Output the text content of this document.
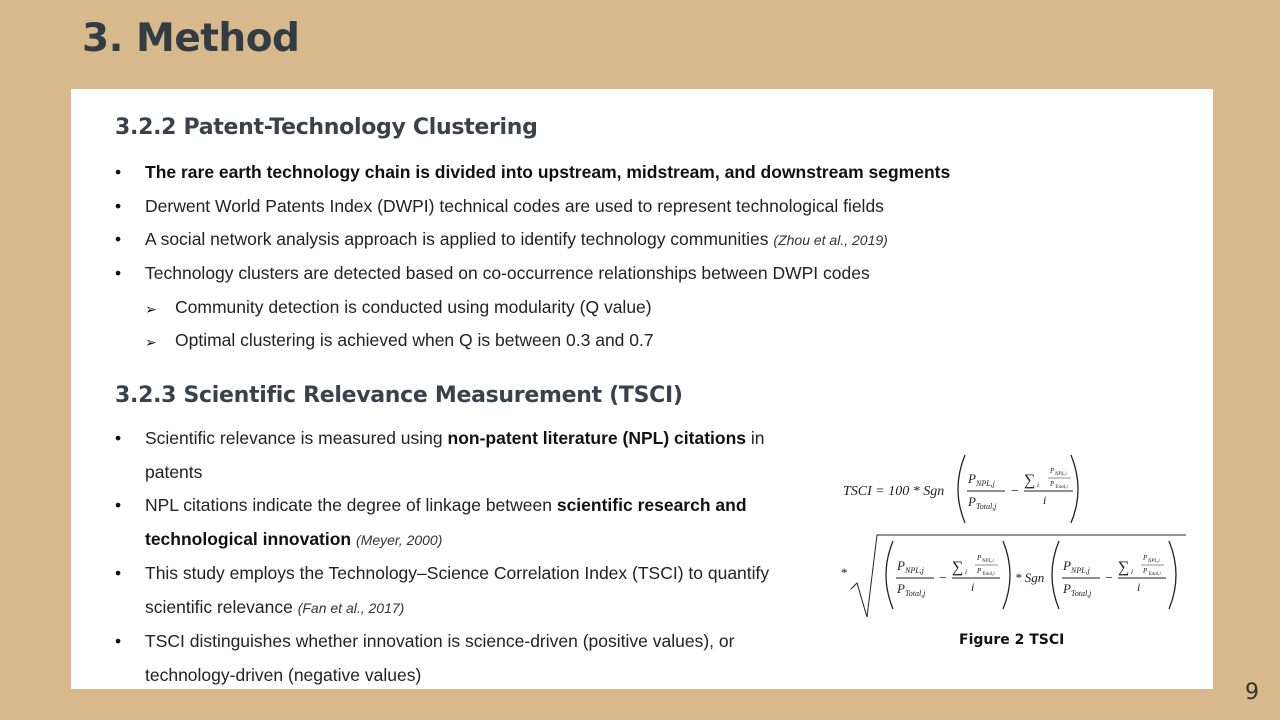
3. Method
3.2.2 Patent-Technology Clustering
• The rare earth technology chain is divided into upstream, midstream, and downstream segments
• Derwent World Patents Index (DWPI) technical codes are used to represent technological fields
• A social network analysis approach is applied to identify technology communities (Zhou et al., 2019)
• Technology clusters are detected based on co-occurrence relationships between DWPI codes
➢ Community detection is conducted using modularity (Q value)
➢ Optimal clustering is achieved when Q is between 0.3 and 0.7
3.2.3 Scientific Relevance Measurement (TSCI)
• Scientific relevance is measured using non-patent literature (NPL) citations in patents
• NPL citations indicate the degree of linkage between scientific research and technological innovation (Meyer, 2000)
• This study employs the Technology–Science Correlation Index (TSCI) to quantify scientific relevance (Fan et al., 2017)
• TSCI distinguishes whether innovation is science-driven (positive values), or technology-driven (negative values)
TSCI = 100 * Sgn
P NPL,j
P Total,j
−
∑ i
P NPL,i
P Total,i
i
*	P NPL,j
P Total,j
−
∑ i
P NPL,i
P Total,i
i
* Sgn
P NPL,j
P Total,j
−
∑ i
P NPL,i
P Total,i
i
Figure 2 TSCI
9
